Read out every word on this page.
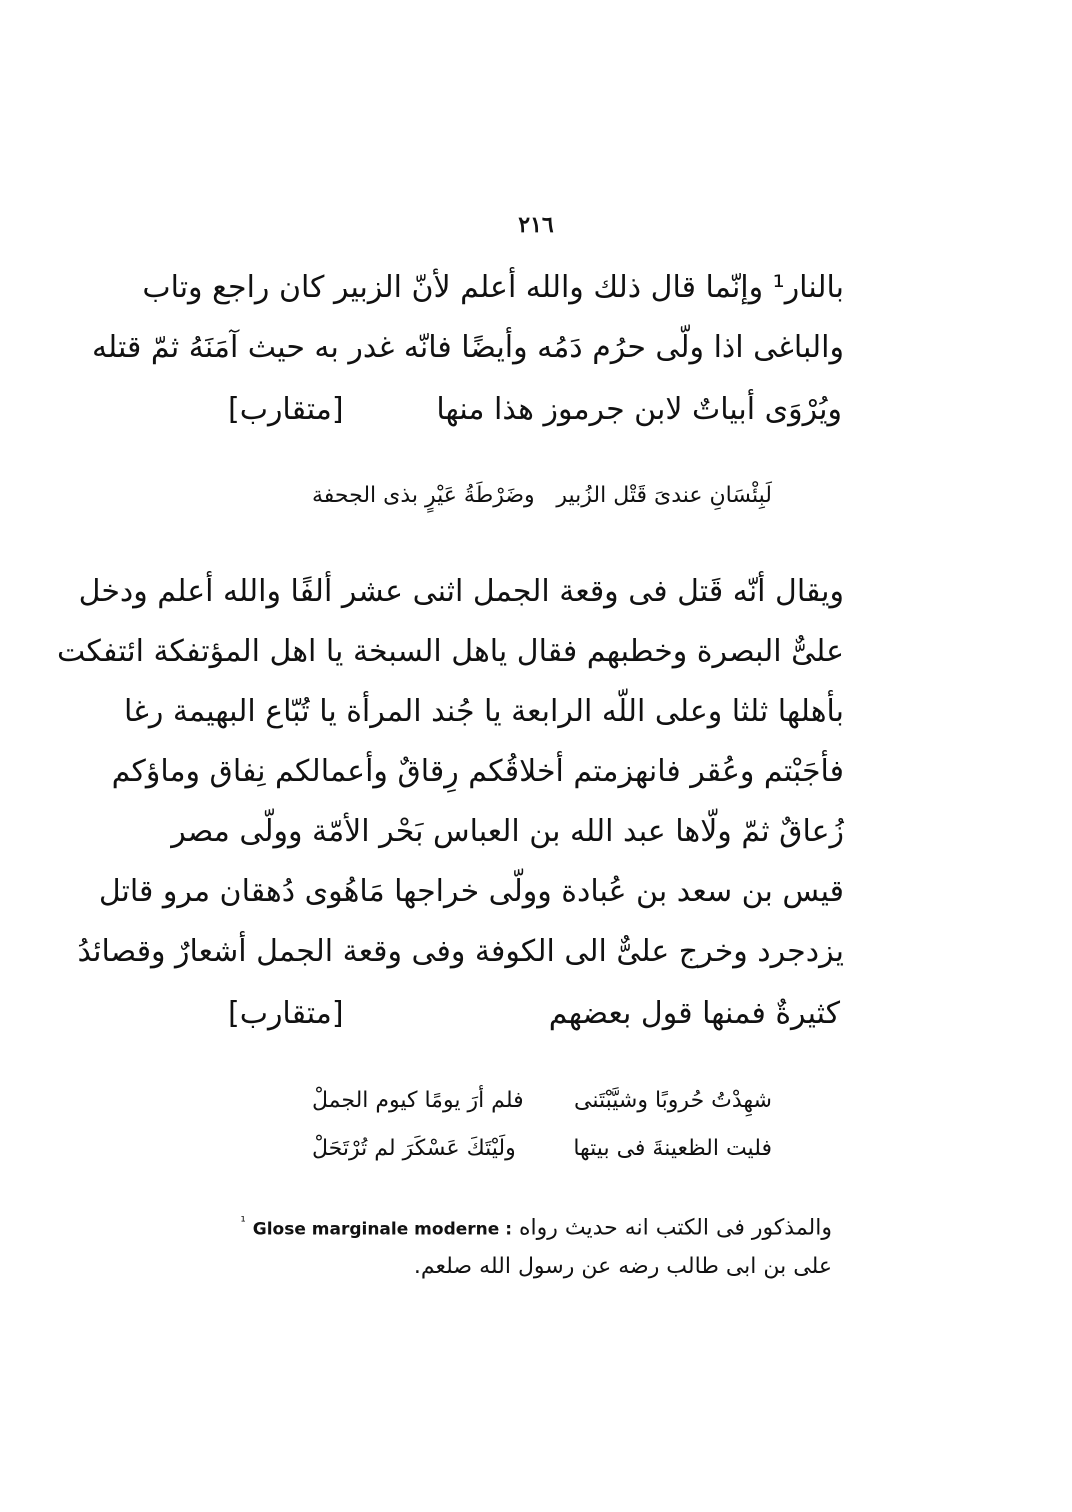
٢١٦
بالنار¹ وإنّما قال ذلك والله أعلم لأنّ الزبير كان راجع وتاب
والباغى اذا ولّى حرُم دَمُه وأيضًا فانّه غدر به حيث آمَنَهُ ثمّ قتله
ويُرْوَى أبياتٌ لابن جرموز هذا منها
[متقارب]
لَبِئْسَانِ عندىَ قَتْل الزُبير
وضَرْطَةُ عَيْرٍ بذى الجحفة
ويقال أنّه قَتل فى وقعة الجمل اثنى عشر ألفًا والله أعلم ودخل
علىٌّ البصرة وخطبهم فقال ياهل السبخة يا اهل المؤتفكة ائتفكت
بأهلها ثلثا وعلى اللّه الرابعة يا جُند المرأة يا تُبّاع البهيمة رغا
فأجَبْتم وعُقر فانهزمتم أخلاقُكم رِقاقٌ وأعمالكم نِفاق وماؤكم
زُعاقٌ ثمّ ولّاها عبد الله بن العباس بَحْر الأمّة وولّى مصر
قيس بن سعد بن عُبادة وولّى خراجها مَاهُوى دُهقان مرو قاتل
يزدجرد وخرج علىٌّ الى الكوفة وفى وقعة الجمل أشعارٌ وقصائدُ
كثيرةٌ فمنها قول بعضهم
[متقارب]
شهِدْتُ حُروبًا وشيَّبْتَنى
فلم أرَ يومًا كيوم الجملْ
فليت الظعينةَ فى بيتها
ولَيْتَكَ عَسْكَرَ لم تُرْتَحَلْ
والمذكور فى الكتب انه حديث رواه $^{^1}$ Glose marginale moderne :
على بن ابى طالب رضه عن رسول الله صلعم.
